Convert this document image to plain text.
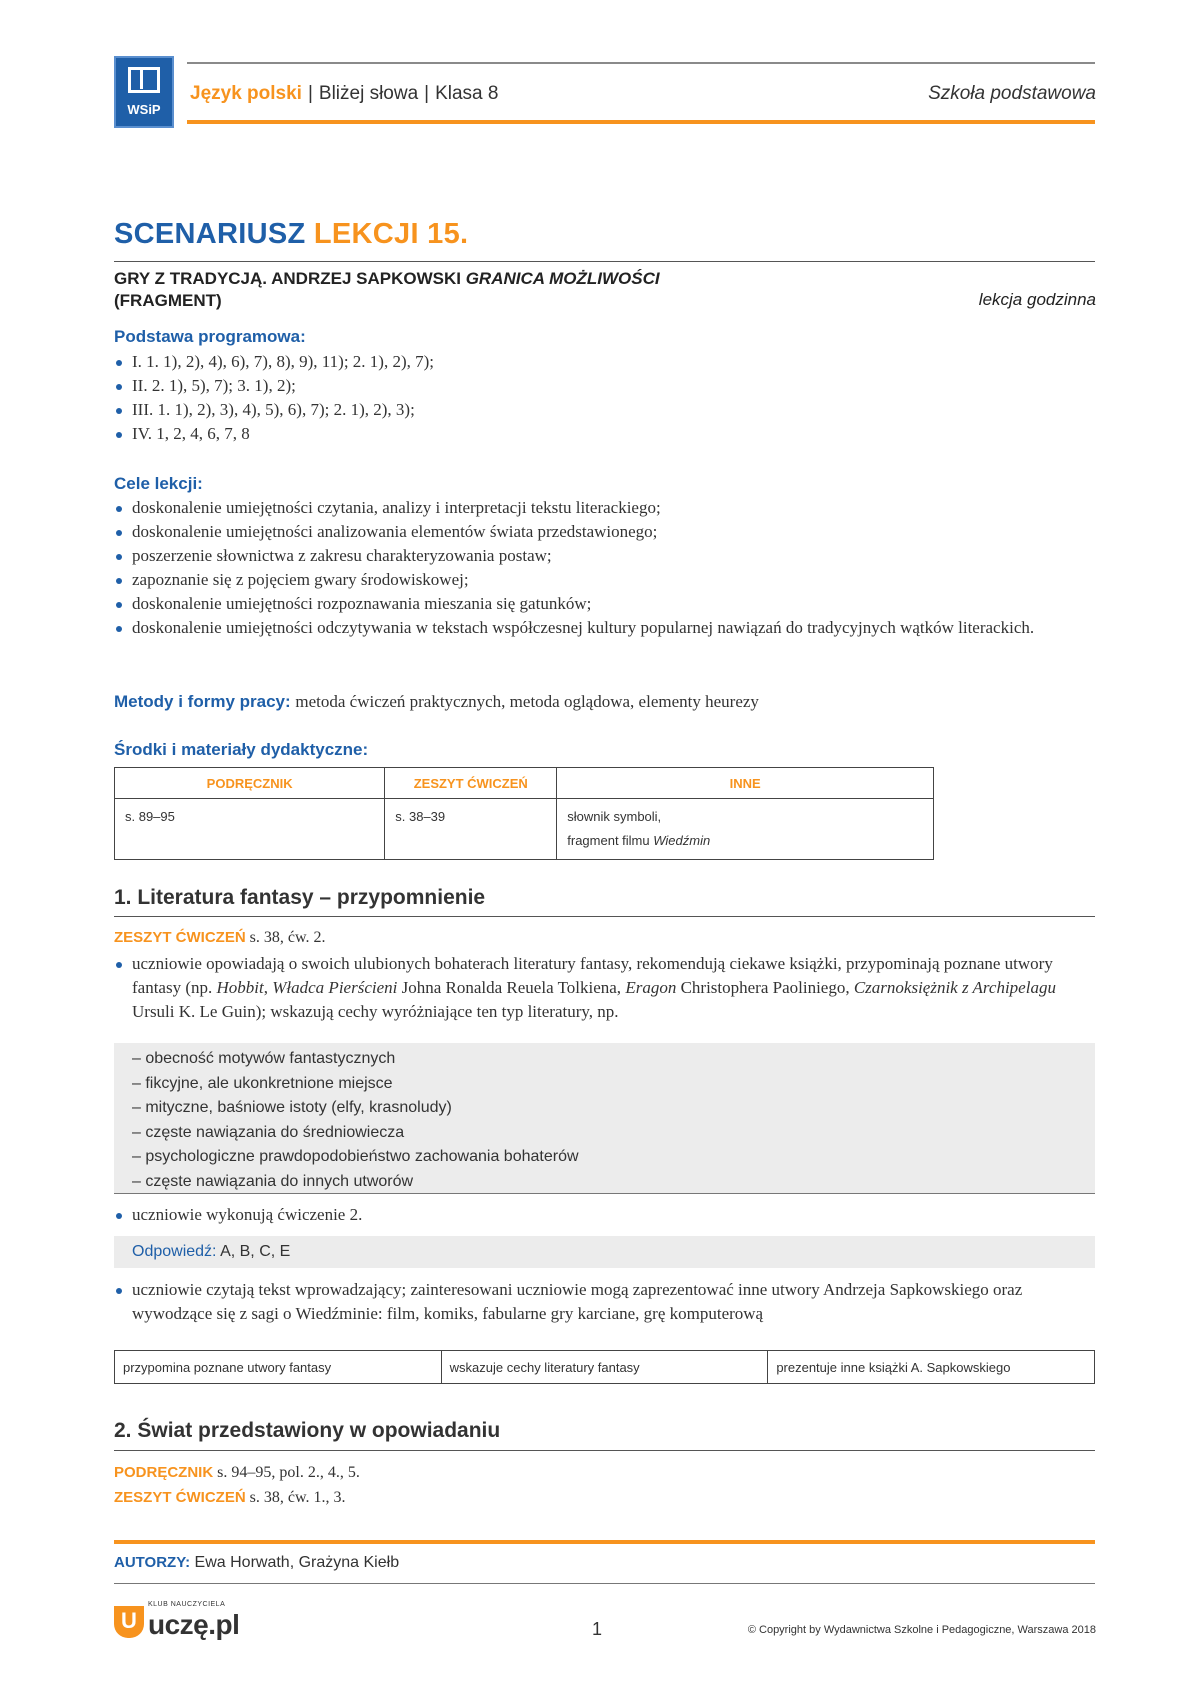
WSiP
Język polski | Bliżej słowa | Klasa 8	Szkoła podstawowa
SCENARIUSZ LEKCJI 15.
GRY Z TRADYCJĄ. ANDRZEJ SAPKOWSKI GRANICA MOŻLIWOŚCI
(FRAGMENT)	lekcja godzinna
Podstawa programowa:
I. 1. 1), 2), 4), 6), 7), 8), 9), 11); 2. 1), 2), 7);
II. 2. 1), 5), 7); 3. 1), 2);
III. 1. 1), 2), 3), 4), 5), 6), 7); 2. 1), 2), 3);
IV. 1, 2, 4, 6, 7, 8
Cele lekcji:
doskonalenie umiejętności czytania, analizy i interpretacji tekstu literackiego;
doskonalenie umiejętności analizowania elementów świata przedstawionego;
poszerzenie słownictwa z zakresu charakteryzowania postaw;
zapoznanie się z pojęciem gwary środowiskowej;
doskonalenie umiejętności rozpoznawania mieszania się gatunków;
doskonalenie umiejętności odczytywania w tekstach współczesnej kultury popularnej nawiązań do tradycyjnych wątków literackich.
Metody i formy pracy: metoda ćwiczeń praktycznych, metoda oglądowa, elementy heurezy
Środki i materiały dydaktyczne:
PODRĘCZNIK	ZESZYT ĆWICZEŃ	INNE
s. 89–95	s. 38–39	słownik symboli,
fragment filmu Wiedźmin
1. Literatura fantasy – przypomnienie
ZESZYT ĆWICZEŃ s. 38, ćw. 2.
uczniowie opowiadają o swoich ulubionych bohaterach literatury fantasy, rekomendują ciekawe książki, przypominają poznane utwory fantasy (np. Hobbit, Władca Pierścieni Johna Ronalda Reuela Tolkiena, Eragon Christophera Paoliniego, Czarnoksiężnik z Archipelagu Ursuli K. Le Guin); wskazują cechy wyróżniające ten typ literatury, np.
– obecność motywów fantastycznych
– fikcyjne, ale ukonkretnione miejsce
– mityczne, baśniowe istoty (elfy, krasnoludy)
– częste nawiązania do średniowiecza
– psychologiczne prawdopodobieństwo zachowania bohaterów
– częste nawiązania do innych utworów
uczniowie wykonują ćwiczenie 2.
Odpowiedź: A, B, C, E
uczniowie czytają tekst wprowadzający; zainteresowani uczniowie mogą zaprezentować inne utwory Andrzeja Sapkowskiego oraz wywodzące się z sagi o Wiedźminie: film, komiks, fabularne gry karciane, grę komputerową
przypomina poznane utwory fantasy	wskazuje cechy literatury fantasy	prezentuje inne książki A. Sapkowskiego
2. Świat przedstawiony w opowiadaniu
PODRĘCZNIK s. 94–95, pol. 2., 4., 5.
ZESZYT ĆWICZEŃ s. 38, ćw. 1., 3.
AUTORZY: Ewa Horwath, Grażyna Kiełb
U
KLUB NAUCZYCIELA
uczę.pl	1	© Copyright by Wydawnictwa Szkolne i Pedagogiczne, Warszawa 2018
